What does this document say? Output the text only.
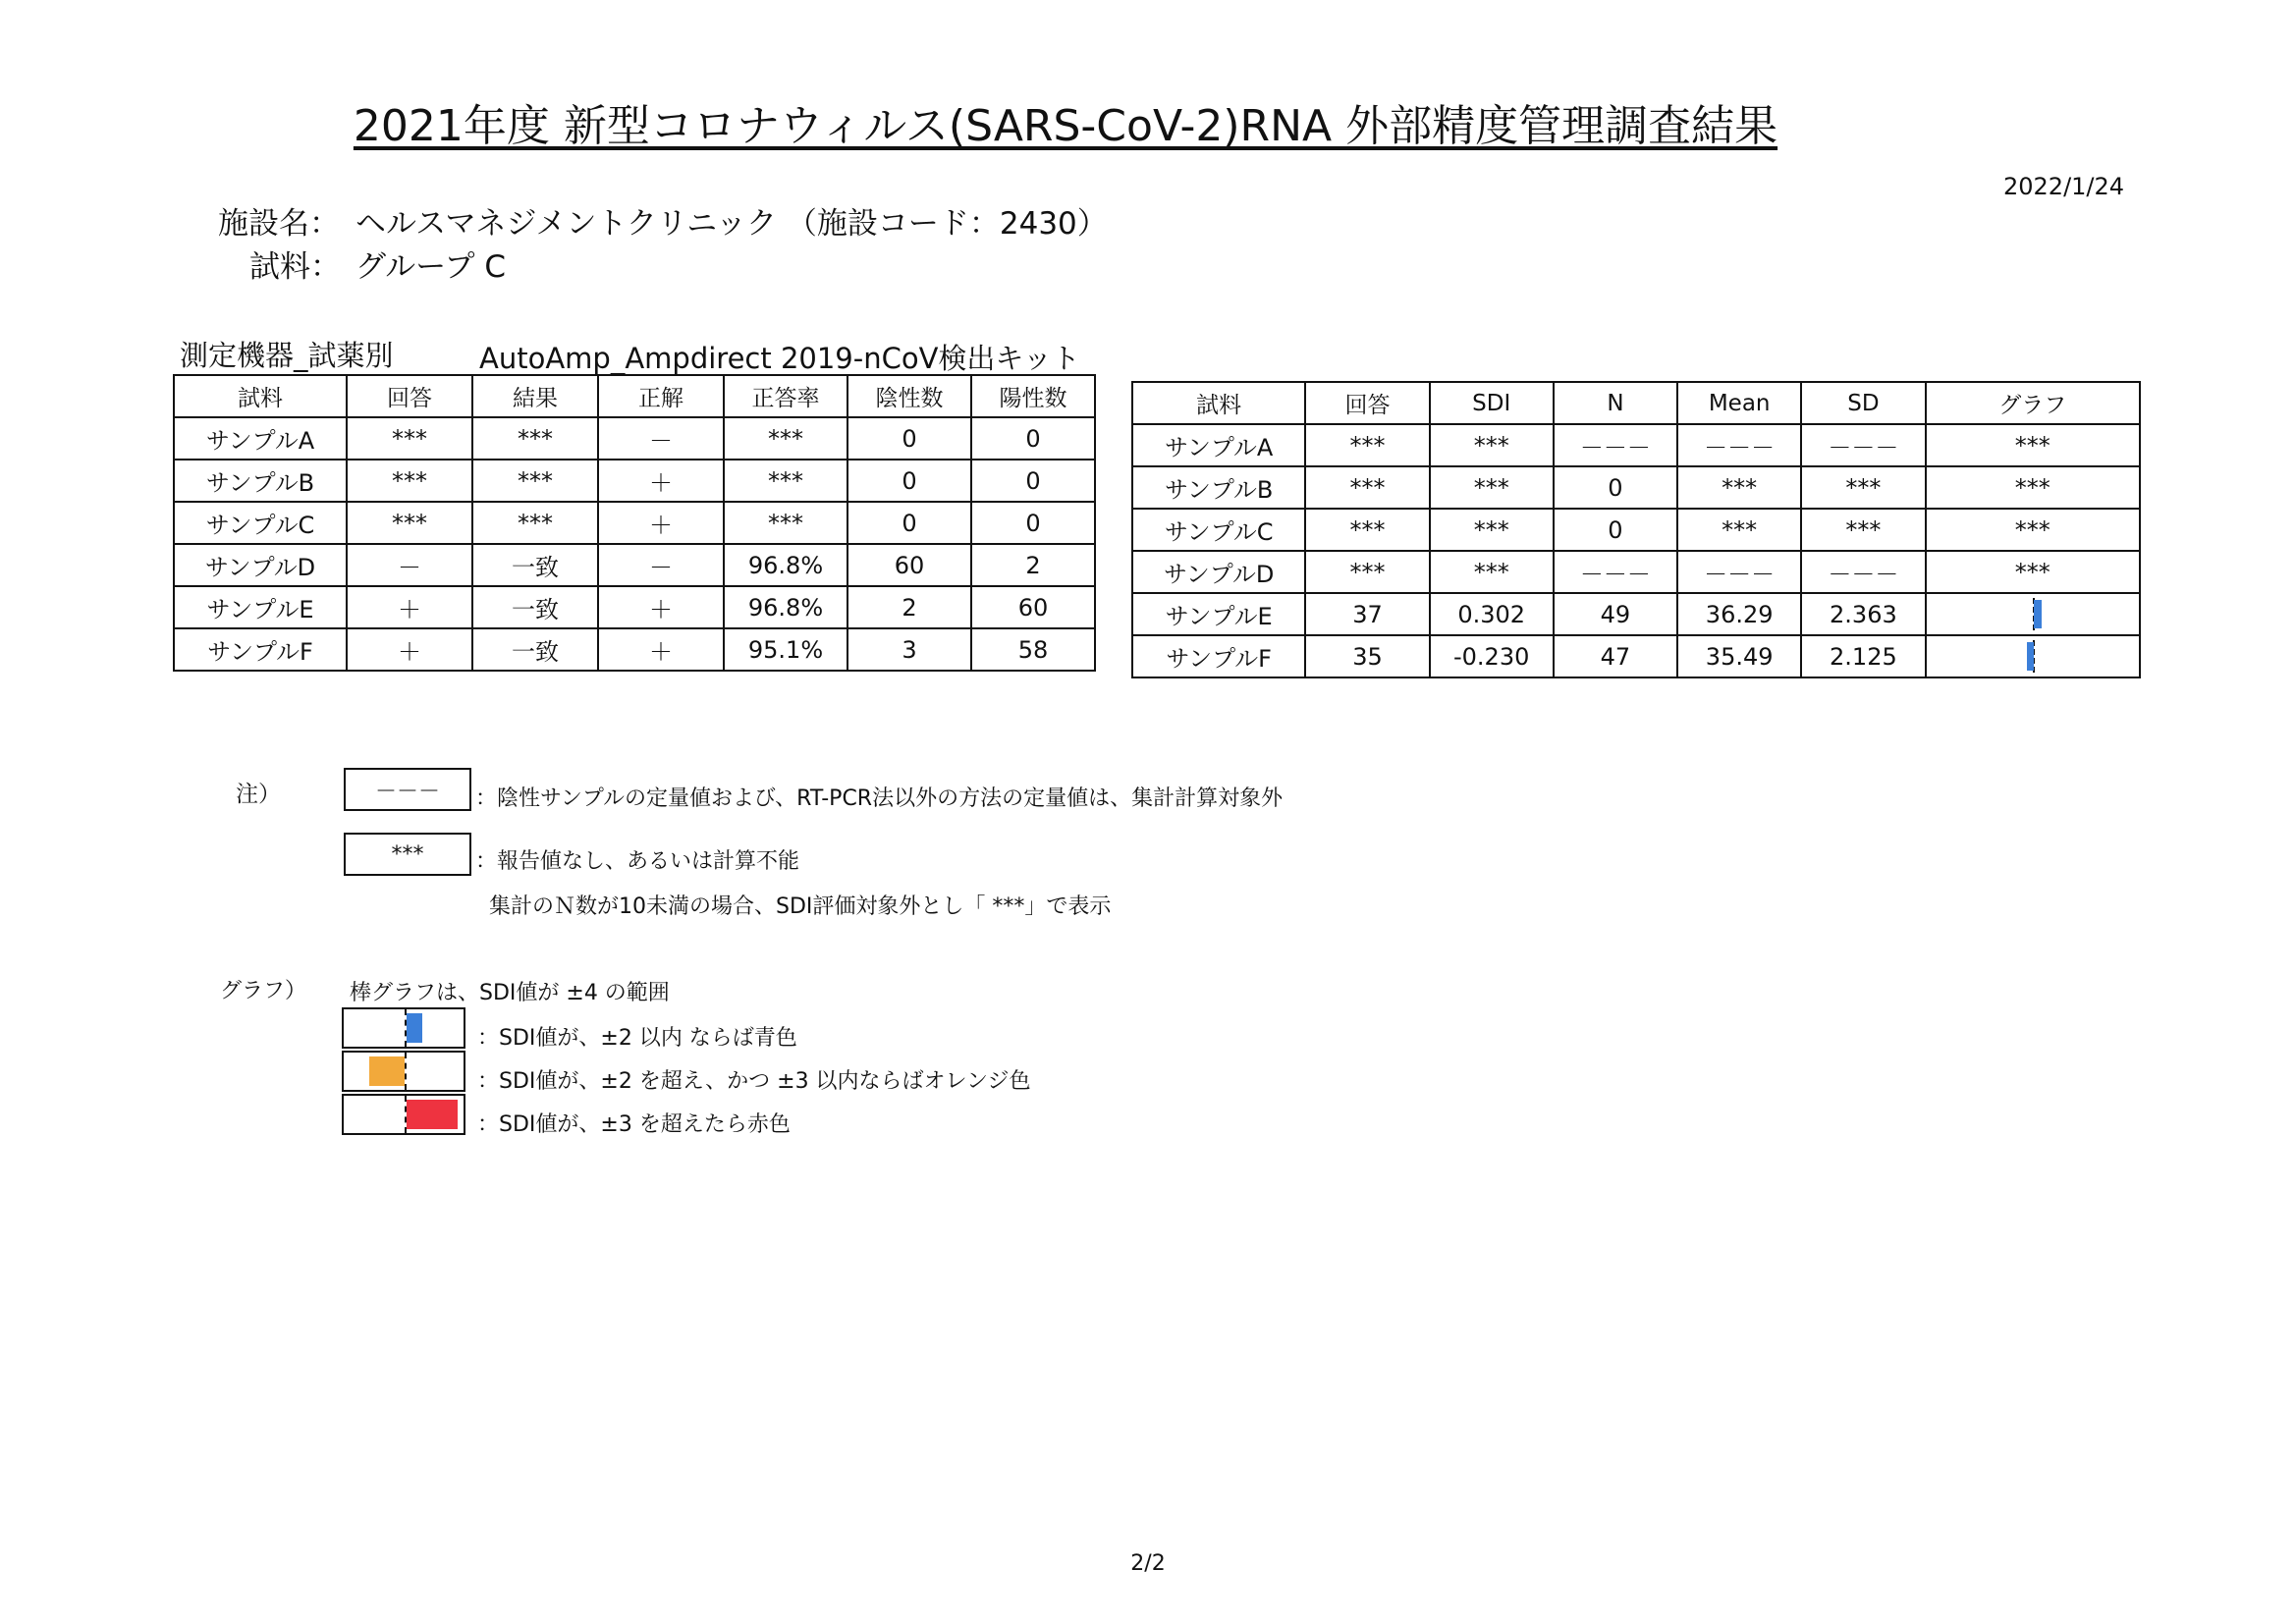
2021年度 新型コロナウィルス(SARS-CoV-2)RNA 外部精度管理調査結果
2022/1/24
施設名： ヘルスマネジメントクリニック （施設コード：2430）
試料： グループ C
測定機器_試薬別	AutoAmp_Ampdirect 2019-nCoV検出キット
試料	回答	結果	正解	正答率	陰性数	陽性数
サンプルA	***	***	－	***	0	0
サンプルB	***	***	＋	***	0	0
サンプルC	***	***	＋	***	0	0
サンプルD	－	一致	－	96.8%	60	2
サンプルE	＋	一致	＋	96.8%	2	60
サンプルF	＋	一致	＋	95.1%	3	58
試料	回答	SDI	N	Mean	SD	グラフ
サンプルA	***	***	－－－	－－－	－－－	***
サンプルB	***	***	0	***	***	***
サンプルC	***	***	0	***	***	***
サンプルD	***	***	－－－	－－－	－－－	***
サンプルE	37	0.302	49	36.29	2.363	

サンプルF	35	-0.230	47	35.49	2.125	
注）	－－－	：陰性サンプルの定量値および、RT-PCR法以外の方法の定量値は、集計計算対象外
***	：報告値なし、あるいは計算不能
集計のＮ数が10未満の場合、SDI評価対象外とし「 ***」で表示
グラフ） 棒グラフは、SDI値が ±4 の範囲
：SDI値が、±2 以内 ならば青色
：SDI値が、±2 を超え、かつ ±3 以内ならばオレンジ色
：SDI値が、±3 を超えたら赤色
2/2
